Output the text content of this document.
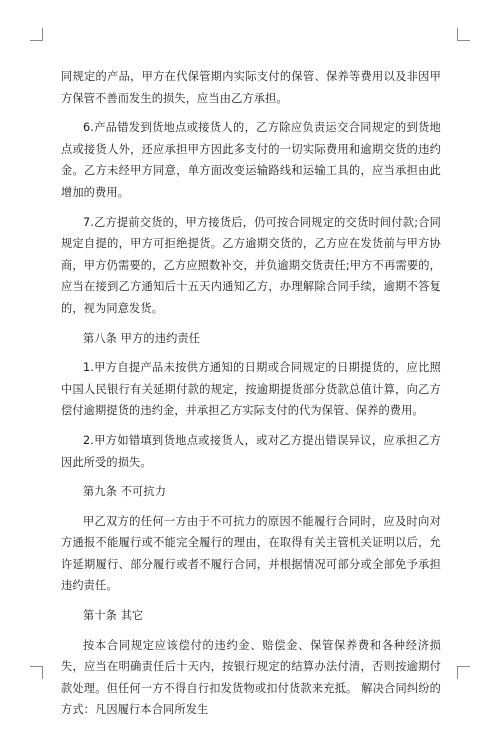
同规定的产品，甲方在代保管期内实际支付的保管、保养等费用以及非因甲方保管不善而发生的损失，应当由乙方承担。

6.产品错发到货地点或接货人的，乙方除应负责运交合同规定的到货地点或接货人外，还应承担甲方因此多支付的一切实际费用和逾期交货的违约金。乙方未经甲方同意，单方面改变运输路线和运输工具的，应当承担由此增加的费用。

7.乙方提前交货的，甲方接货后，仍可按合同规定的交货时间付款;合同规定自提的，甲方可拒绝提货。乙方逾期交货的，乙方应在发货前与甲方协商，甲方仍需要的，乙方应照数补交，并负逾期交货责任;甲方不再需要的，应当在接到乙方通知后十五天内通知乙方，办理解除合同手续，逾期不答复的，视为同意发货。

第八条 甲方的违约责任

1.甲方自提产品未按供方通知的日期或合同规定的日期提货的，应比照中国人民银行有关延期付款的规定，按逾期提货部分货款总值计算，向乙方偿付逾期提货的违约金，并承担乙方实际支付的代为保管、保养的费用。

2.甲方如错填到货地点或接货人，或对乙方提出错误异议，应承担乙方因此所受的损失。

第九条 不可抗力

甲乙双方的任何一方由于不可抗力的原因不能履行合同时，应及时向对方通报不能履行或不能完全履行的理由，在取得有关主管机关证明以后，允许延期履行、部分履行或者不履行合同，并根据情况可部分或全部免予承担违约责任。

第十条 其它

按本合同规定应该偿付的违约金、赔偿金、保管保养费和各种经济损失，应当在明确责任后十天内，按银行规定的结算办法付清，否则按逾期付款处理。但任何一方不得自行扣发货物或扣付货款来充抵。 解决合同纠纷的方式：凡因履行本合同所发生
